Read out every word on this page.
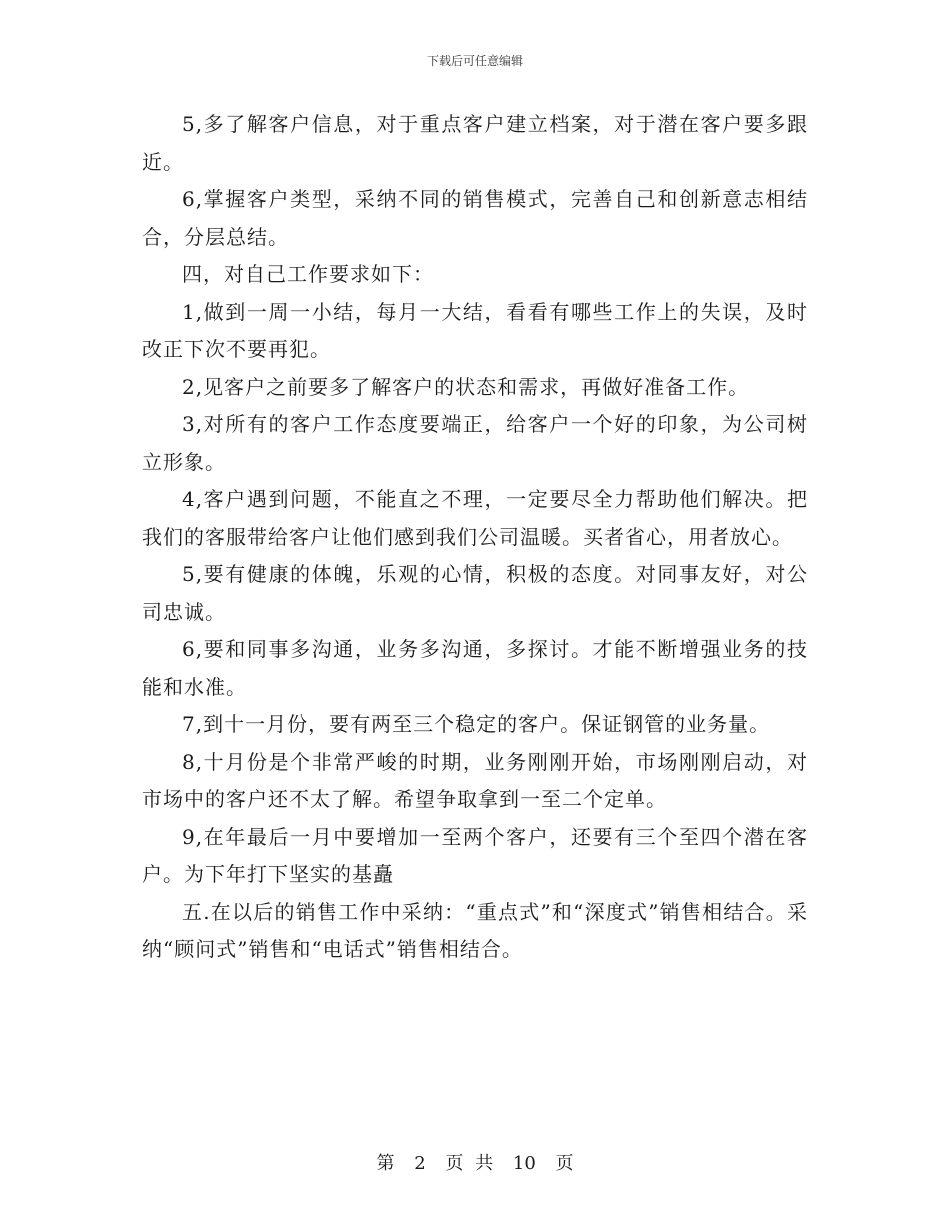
下载后可任意编辑

5,多了解客户信息，对于重点客户建立档案，对于潜在客户要多跟近。

6,掌握客户类型，采纳不同的销售模式，完善自己和创新意志相结合，分层总结。

四，对自己工作要求如下：

1,做到一周一小结，每月一大结，看看有哪些工作上的失误，及时改正下次不要再犯。

2,见客户之前要多了解客户的状态和需求，再做好准备工作。

3,对所有的客户工作态度要端正，给客户一个好的印象，为公司树立形象。

4,客户遇到问题，不能直之不理，一定要尽全力帮助他们解决。把我们的客服带给客户让他们感到我们公司温暖。买者省心，用者放心。

5,要有健康的体魄，乐观的心情，积极的态度。对同事友好，对公司忠诚。

6,要和同事多沟通，业务多沟通，多探讨。才能不断增强业务的技能和水准。

7,到十一月份，要有两至三个稳定的客户。保证钢管的业务量。

8,十月份是个非常严峻的时期，业务刚刚开始，市场刚刚启动，对市场中的客户还不太了解。希望争取拿到一至二个定单。

9,在年最后一月中要增加一至两个客户，还要有三个至四个潜在客户。为下年打下坚实的基矗

五.在以后的销售工作中采纳：“重点式”和“深度式”销售相结合。采纳“顾问式”销售和“电话式”销售相结合。

第 2 页 共 10 页
